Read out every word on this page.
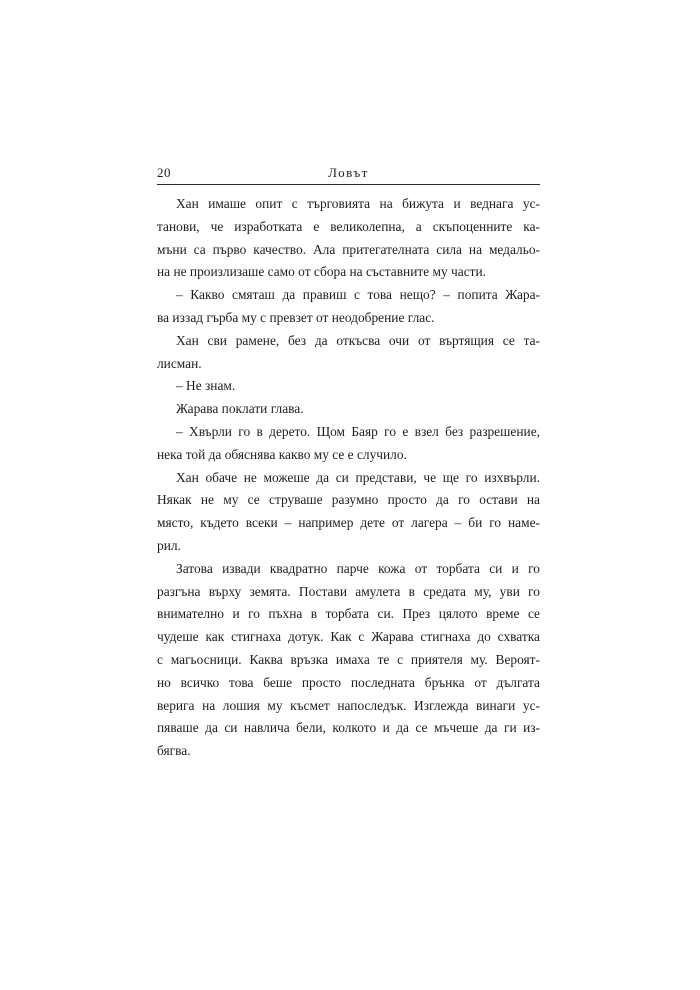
20	Ловът
Хан имаше опит с търговията на бижута и веднага ус-
танови, че изработката е великолепна, а скъпоценните ка-
мъни са първо качество. Ала притегателната сила на медальо-
на не произлизаше само от сбора на съставните му части.
– Какво смяташ да правиш с това нещо? – попита Жара-
ва иззад гърба му с превзет от неодобрение глас.
Хан сви рамене, без да откъсва очи от въртящия се та-
лисман.
– Не знам.
Жарава поклати глава.
– Хвърли го в дерето. Щом Баяр го е взел без разрешение,
нека той да обяснява какво му се е случило.
Хан обаче не можеше да си представи, че ще го изхвърли.
Някак не му се струваше разумно просто да го остави на
място, където всеки – например дете от лагера – би го наме-
рил.
Затова извади квадратно парче кожа от торбата си и го
разгъна върху земята. Постави амулета в средата му, уви го
внимателно и го пъхна в торбата си. През цялото време се
чудеше как стигнаха дотук. Как с Жарава стигнаха до схватка
с магьосници. Каква връзка имаха те с приятеля му. Вероят-
но всичко това беше просто последната брънка от дългата
верига на лошия му късмет напоследък. Изглежда винаги ус-
пяваше да си навлича бели, колкото и да се мъчеше да ги из-
бягва.
